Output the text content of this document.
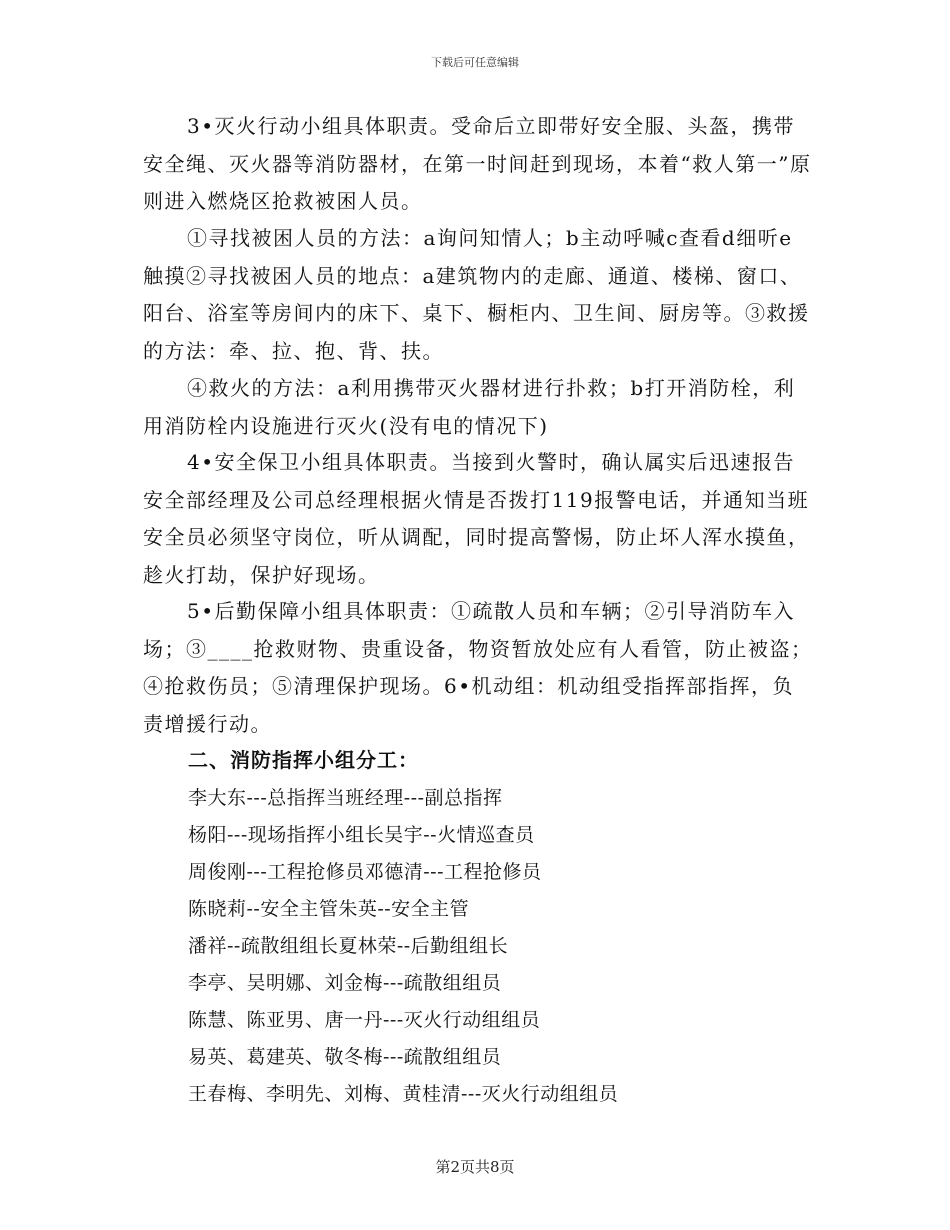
下载后可任意编辑

3•灭火行动小组具体职责。受命后立即带好安全服、头盔，携带安全绳、灭火器等消防器材，在第一时间赶到现场，本着“救人第一”原则进入燃烧区抢救被困人员。

①寻找被困人员的方法：a询问知情人；b主动呼喊c查看d细听e触摸②寻找被困人员的地点：a建筑物内的走廊、通道、楼梯、窗口、阳台、浴室等房间内的床下、桌下、橱柜内、卫生间、厨房等。③救援的方法：牵、拉、抱、背、扶。

④救火的方法：a利用携带灭火器材进行扑救；b打开消防栓，利用消防栓内设施进行灭火(没有电的情况下)

4•安全保卫小组具体职责。当接到火警时，确认属实后迅速报告安全部经理及公司总经理根据火情是否拨打119报警电话，并通知当班安全员必须坚守岗位，听从调配，同时提高警惕，防止坏人浑水摸鱼，趁火打劫，保护好现场。

5•后勤保障小组具体职责：①疏散人员和车辆；②引导消防车入场；③____抢救财物、贵重设备，物资暂放处应有人看管，防止被盗；④抢救伤员；⑤清理保护现场。6•机动组：机动组受指挥部指挥，负责增援行动。

二、消防指挥小组分工：

李大东---总指挥当班经理---副总指挥

杨阳---现场指挥小组长吴宇--火情巡查员

周俊刚---工程抢修员邓德清---工程抢修员

陈晓莉--安全主管朱英--安全主管

潘祥--疏散组组长夏林荣--后勤组组长

李亭、吴明娜、刘金梅---疏散组组员

陈慧、陈亚男、唐一丹---灭火行动组组员

易英、葛建英、敬冬梅---疏散组组员

王春梅、李明先、刘梅、黄桂清---灭火行动组组员

第2页共8页
